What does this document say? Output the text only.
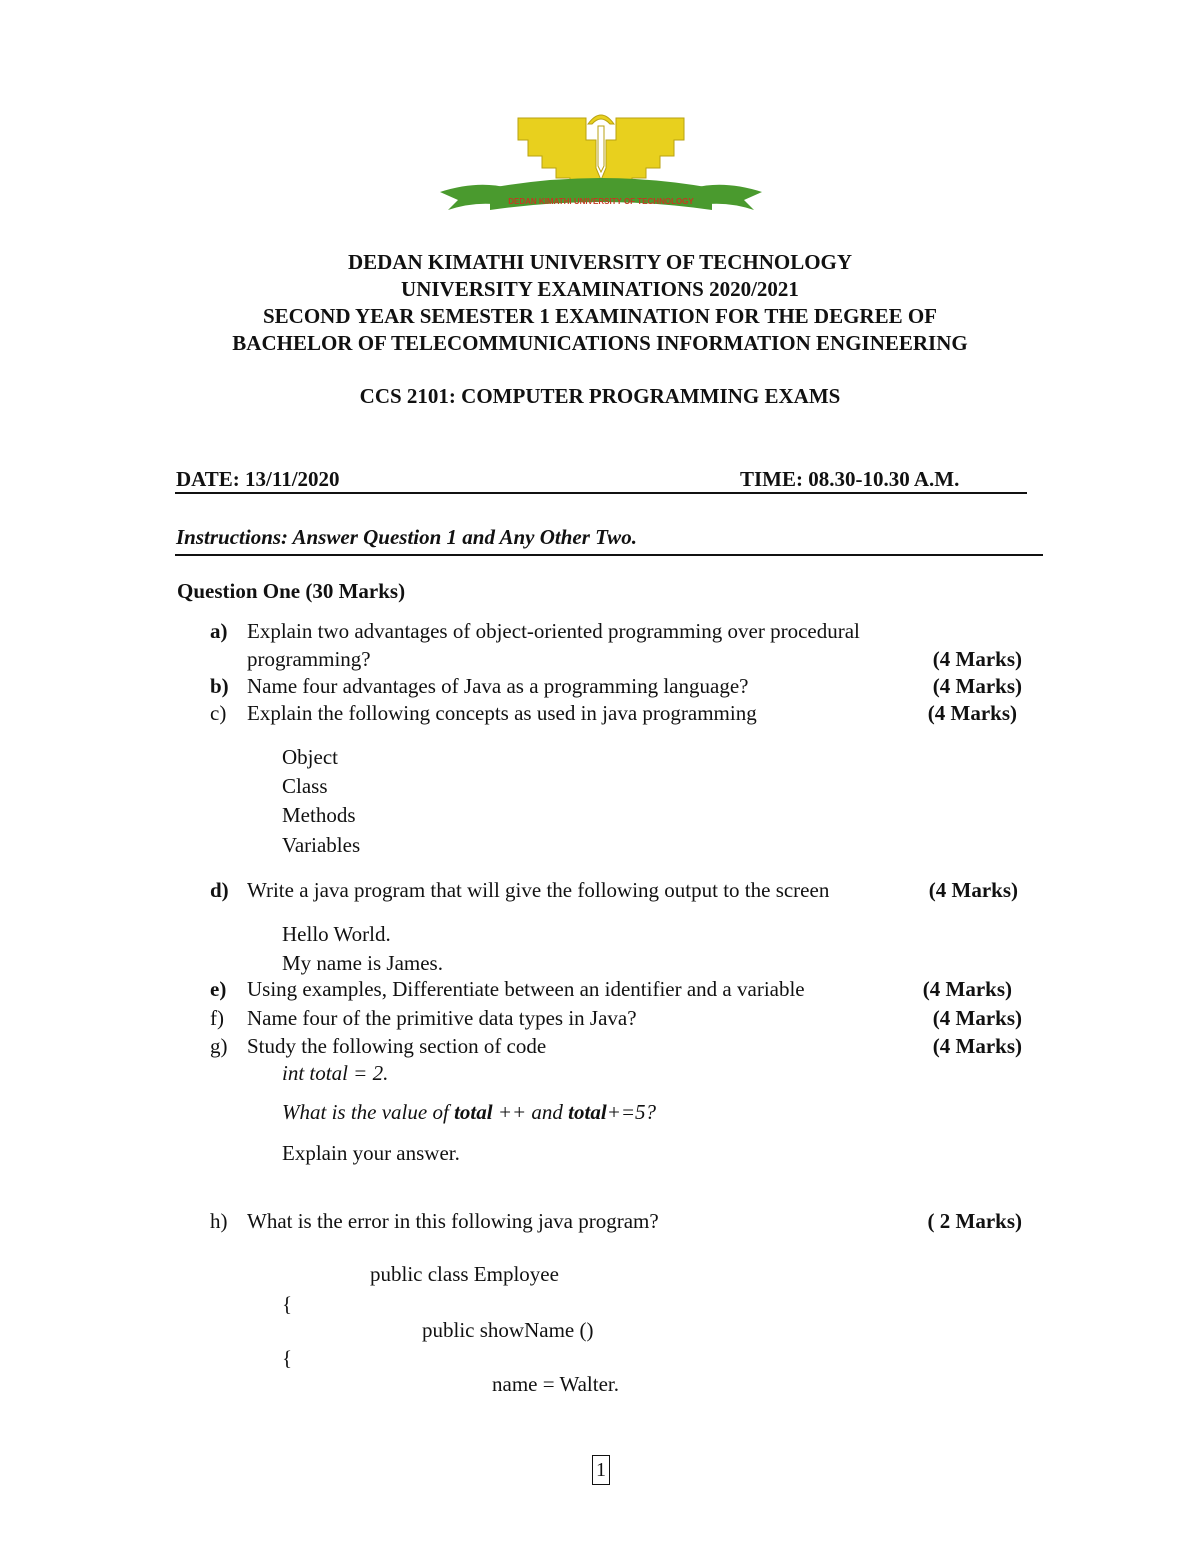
DEDAN KIMATHI UNIVERSITY OF TECHNOLOGY
DEDAN KIMATHI UNIVERSITY OF TECHNOLOGY
UNIVERSITY EXAMINATIONS 2020/2021
SECOND YEAR SEMESTER 1 EXAMINATION FOR THE DEGREE OF
BACHELOR OF TELECOMMUNICATIONS INFORMATION ENGINEERING
CCS 2101: COMPUTER PROGRAMMING EXAMS
DATE: 13/11/2020	TIME: 08.30-10.30 A.M.
Instructions: Answer Question 1 and Any Other Two.
Question One (30 Marks)
a) Explain two advantages of object-oriented programming over procedural
programming?	(4 Marks)
b) Name four advantages of Java as a programming language?	(4 Marks)
c) Explain the following concepts as used in java programming	(4 Marks)
Object
Class
Methods
Variables
d) Write a java program that will give the following output to the screen	(4 Marks)
Hello World.
My name is James.
e) Using examples, Differentiate between an identifier and a variable	(4 Marks)
f) Name four of the primitive data types in Java?	(4 Marks)
g) Study the following section of code	(4 Marks)
int total = 2.
What is the value of total ++ and total+=5?
Explain your answer.
h) What is the error in this following java program?	( 2 Marks)
public class Employee
{
public showName ()
{
name = Walter.
1
